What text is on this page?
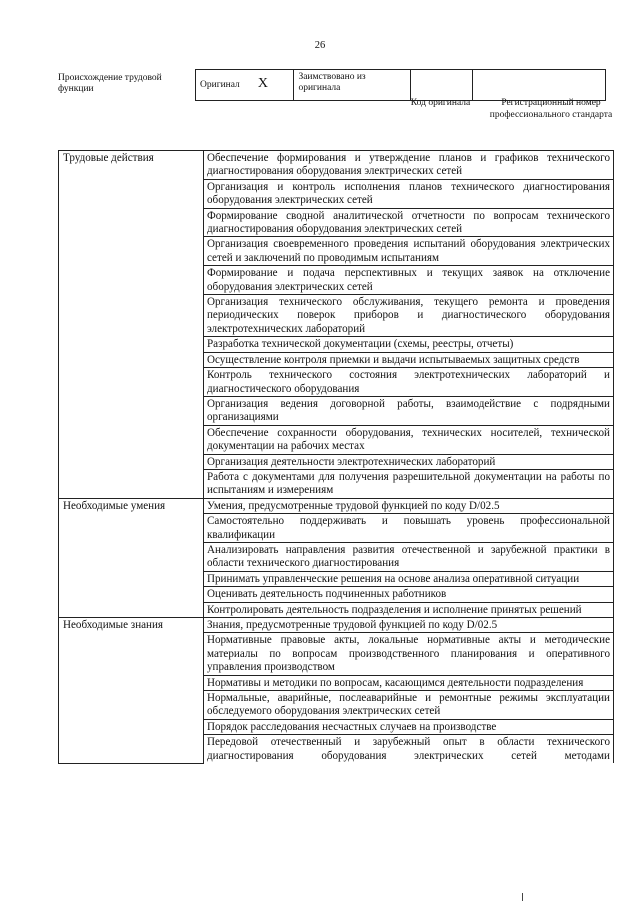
26
Происхождение трудовой функции	Оригинал X	Заимствовано из оригинала		
Код оригинала	Регистрационный номер профессионального стандарта
Трудовые действия	Обеспечение формирования и утверждение планов и графиков технического диагностирования оборудования электрических сетей
	Организация и контроль исполнения планов технического диагностирования оборудования электрических сетей
	Формирование сводной аналитической отчетности по вопросам технического диагностирования оборудования электрических сетей
	Организация своевременного проведения испытаний оборудования электрических сетей и заключений по проводимым испытаниям
	Формирование и подача перспективных и текущих заявок на отключение оборудования электрических сетей
	Организация технического обслуживания, текущего ремонта и проведения периодических поверок приборов и диагностического оборудования электротехнических лабораторий
	Разработка технической документации (схемы, реестры, отчеты)
	Осуществление контроля приемки и выдачи испытываемых защитных средств
	Контроль технического состояния электротехнических лабораторий и диагностического оборудования
	Организация ведения договорной работы, взаимодействие с подрядными организациями
	Обеспечение сохранности оборудования, технических носителей, технической документации на рабочих местах
	Организация деятельности электротехнических лабораторий
	Работа с документами для получения разрешительной документации на работы по испытаниям и измерениям
Необходимые умения	Умения, предусмотренные трудовой функцией по коду D/02.5
	Самостоятельно поддерживать и повышать уровень профессиональной квалификации
	Анализировать направления развития отечественной и зарубежной практики в области технического диагностирования
	Принимать управленческие решения на основе анализа оперативной ситуации
	Оценивать деятельность подчиненных работников
	Контролировать деятельность подразделения и исполнение принятых решений
Необходимые знания	Знания, предусмотренные трудовой функцией по коду D/02.5
	Нормативные правовые акты, локальные нормативные акты и методические материалы по вопросам производственного планирования и оперативного управления производством
	Нормативы и методики по вопросам, касающимся деятельности подразделения
	Нормальные, аварийные, послеаварийные и ремонтные режимы эксплуатации обследуемого оборудования электрических сетей
	Порядок расследования несчастных случаев на производстве
	Передовой отечественный и зарубежный опыт в области технического диагностирования оборудования электрических сетей методами
